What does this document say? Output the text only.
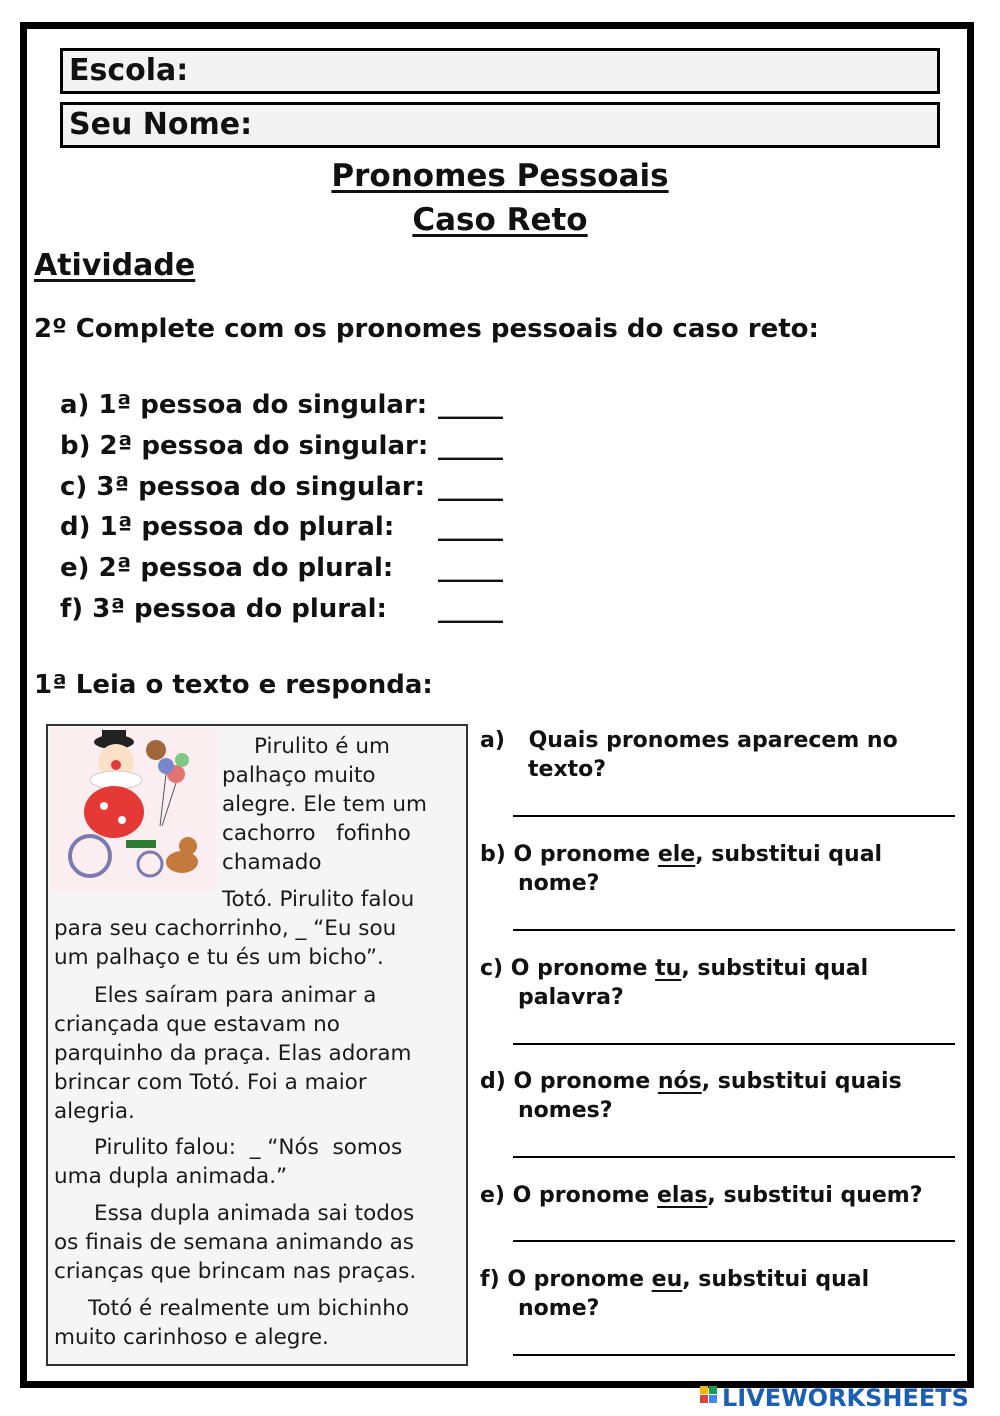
Escola:
Seu Nome:
Pronomes Pessoais
Caso Reto
Atividade
2º Complete com os pronomes pessoais do caso reto:
a) 1ª pessoa do singular: _____
b) 2ª pessoa do singular: _____
c) 3ª pessoa do singular: _____
d) 1ª pessoa do plural: _____
e) 2ª pessoa do plural: _____
f) 3ª pessoa do plural: _____
1ª Leia o texto e responda:
Pirulito é um
palhaço muito
alegre. Ele tem um
cachorro   fofinho
chamado
Totó. Pirulito falou
para seu cachorrinho, _ “Eu sou
um palhaço e tu és um bicho”.
Eles saíram para animar a
criançada que estavam no
parquinho da praça. Elas adoram
brincar com Totó. Foi a maior
alegria.
Pirulito falou:  _ “Nós  somos
uma dupla animada.”
Essa dupla animada sai todos
os finais de semana animando as
crianças que brincam nas praças.
Totó é realmente um bichinho
muito carinhoso e alegre.
a) Quais pronomes aparecem no
texto?
b) O pronome ele, substitui qual
nome?
c) O pronome tu, substitui qual
palavra?
d) O pronome nós, substitui quais
nomes?
e) O pronome elas, substitui quem?
f) O pronome eu, substitui qual
nome?
LIVEWORKSHEETS
